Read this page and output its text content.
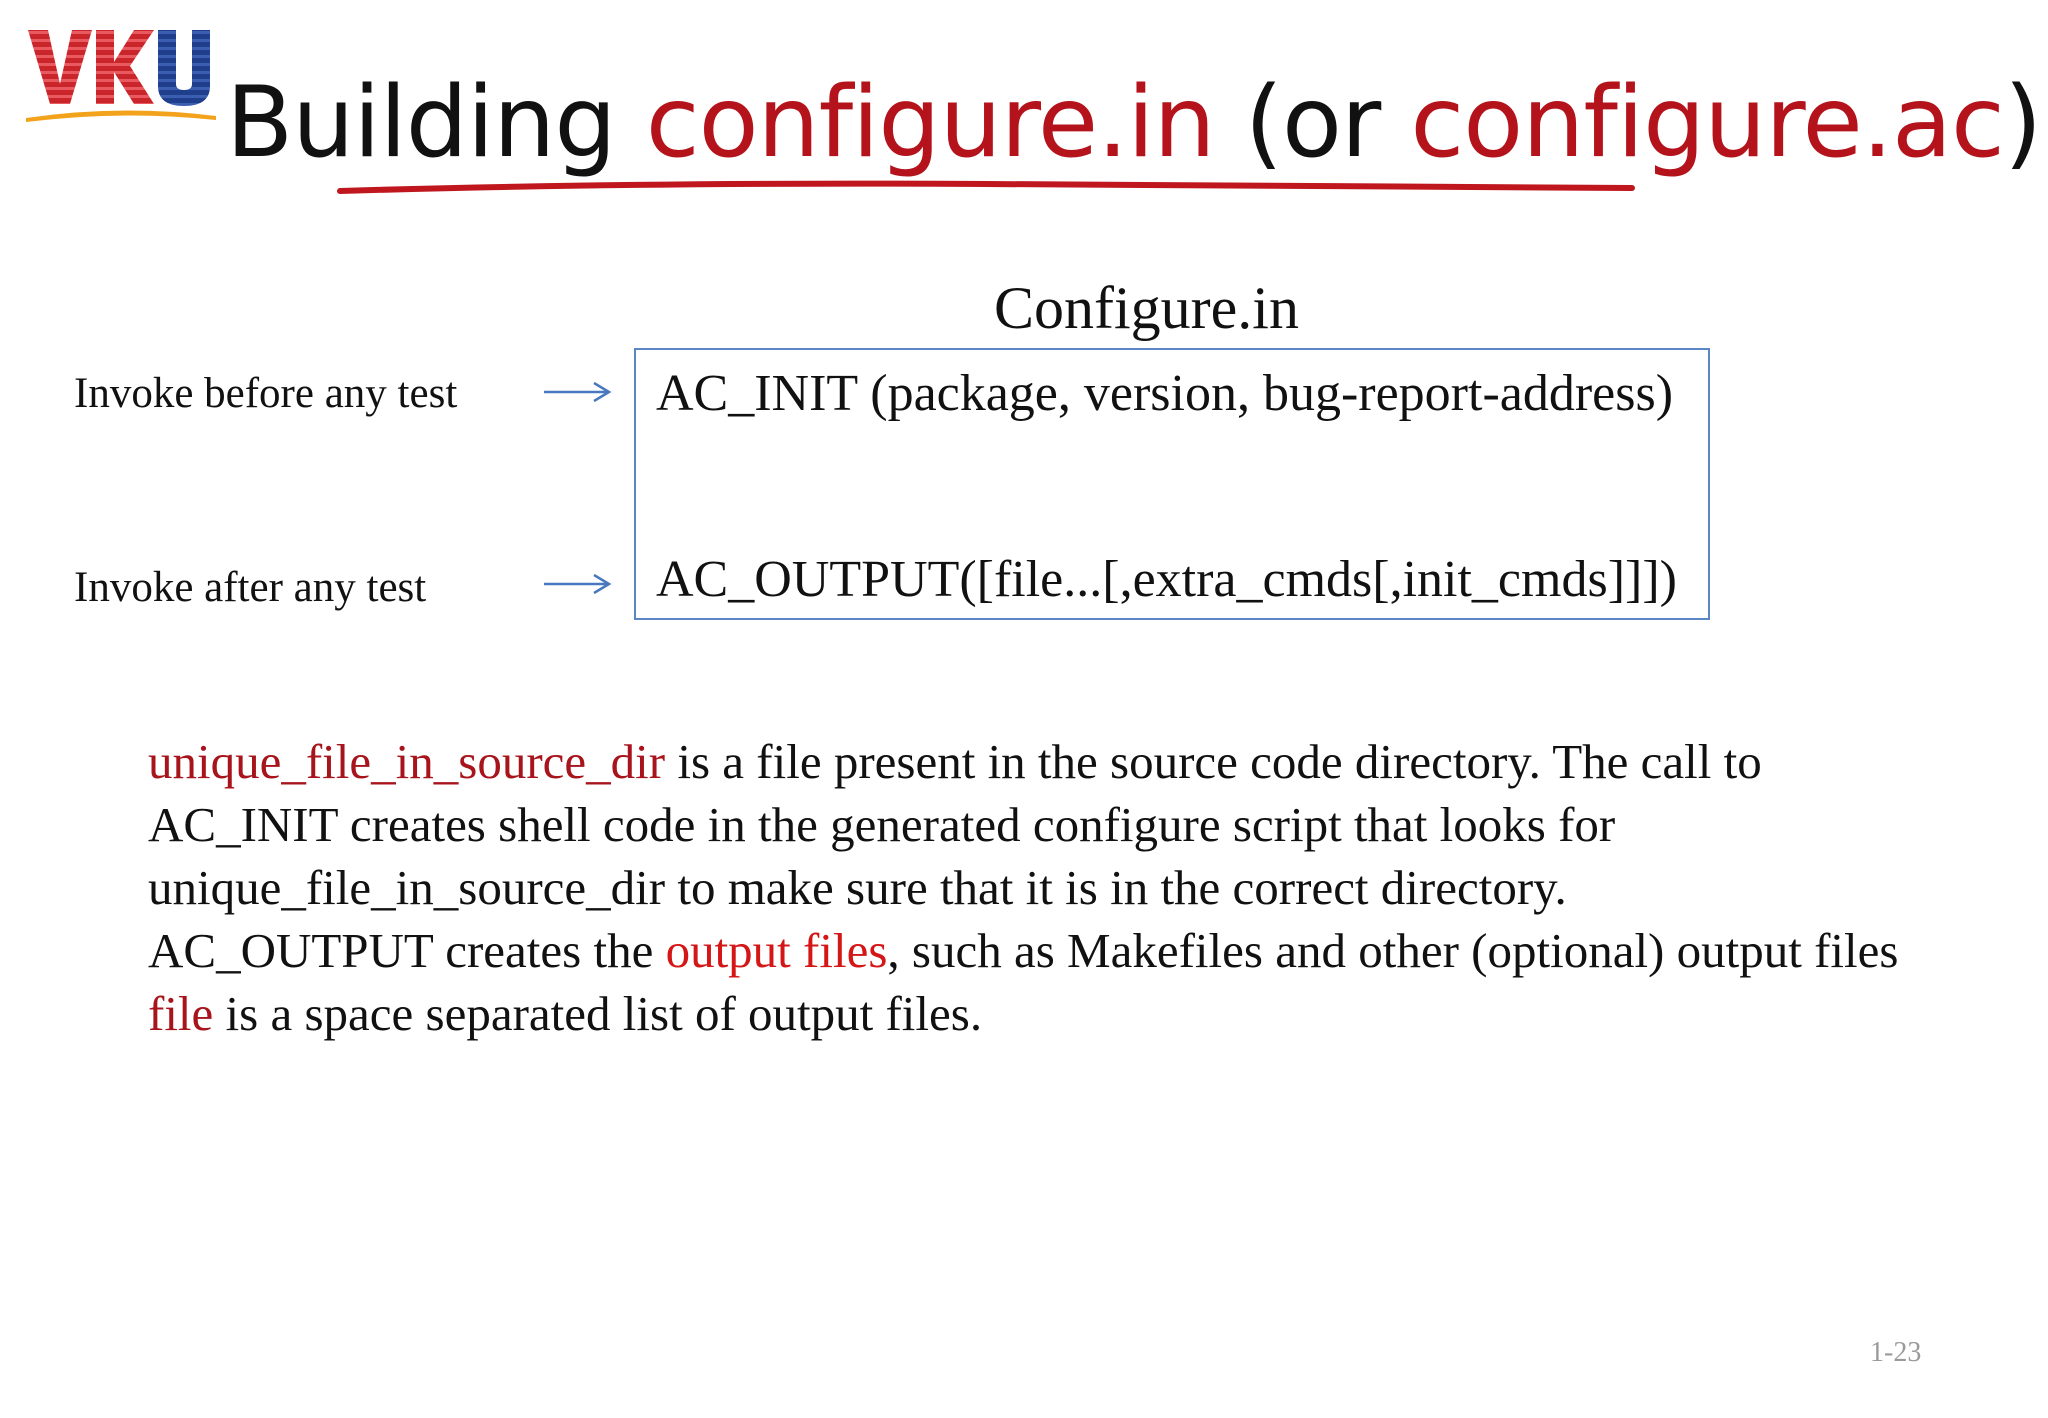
Building configure.in (or configure.ac)
Configure.in
Invoke before any test
Invoke after any test
AC_INIT (package, version, bug-report-address)
AC_OUTPUT([file...[,extra_cmds[,init_cmds]]])

unique_file_in_source_dir is a file present in the source code directory. The call to AC_INIT creates shell code in the generated configure script that looks for unique_file_in_source_dir to make sure that it is in the correct directory.

AC_OUTPUT creates the output files, such as Makefiles and other (optional) output files

file is a space separated list of output files.

1-23
